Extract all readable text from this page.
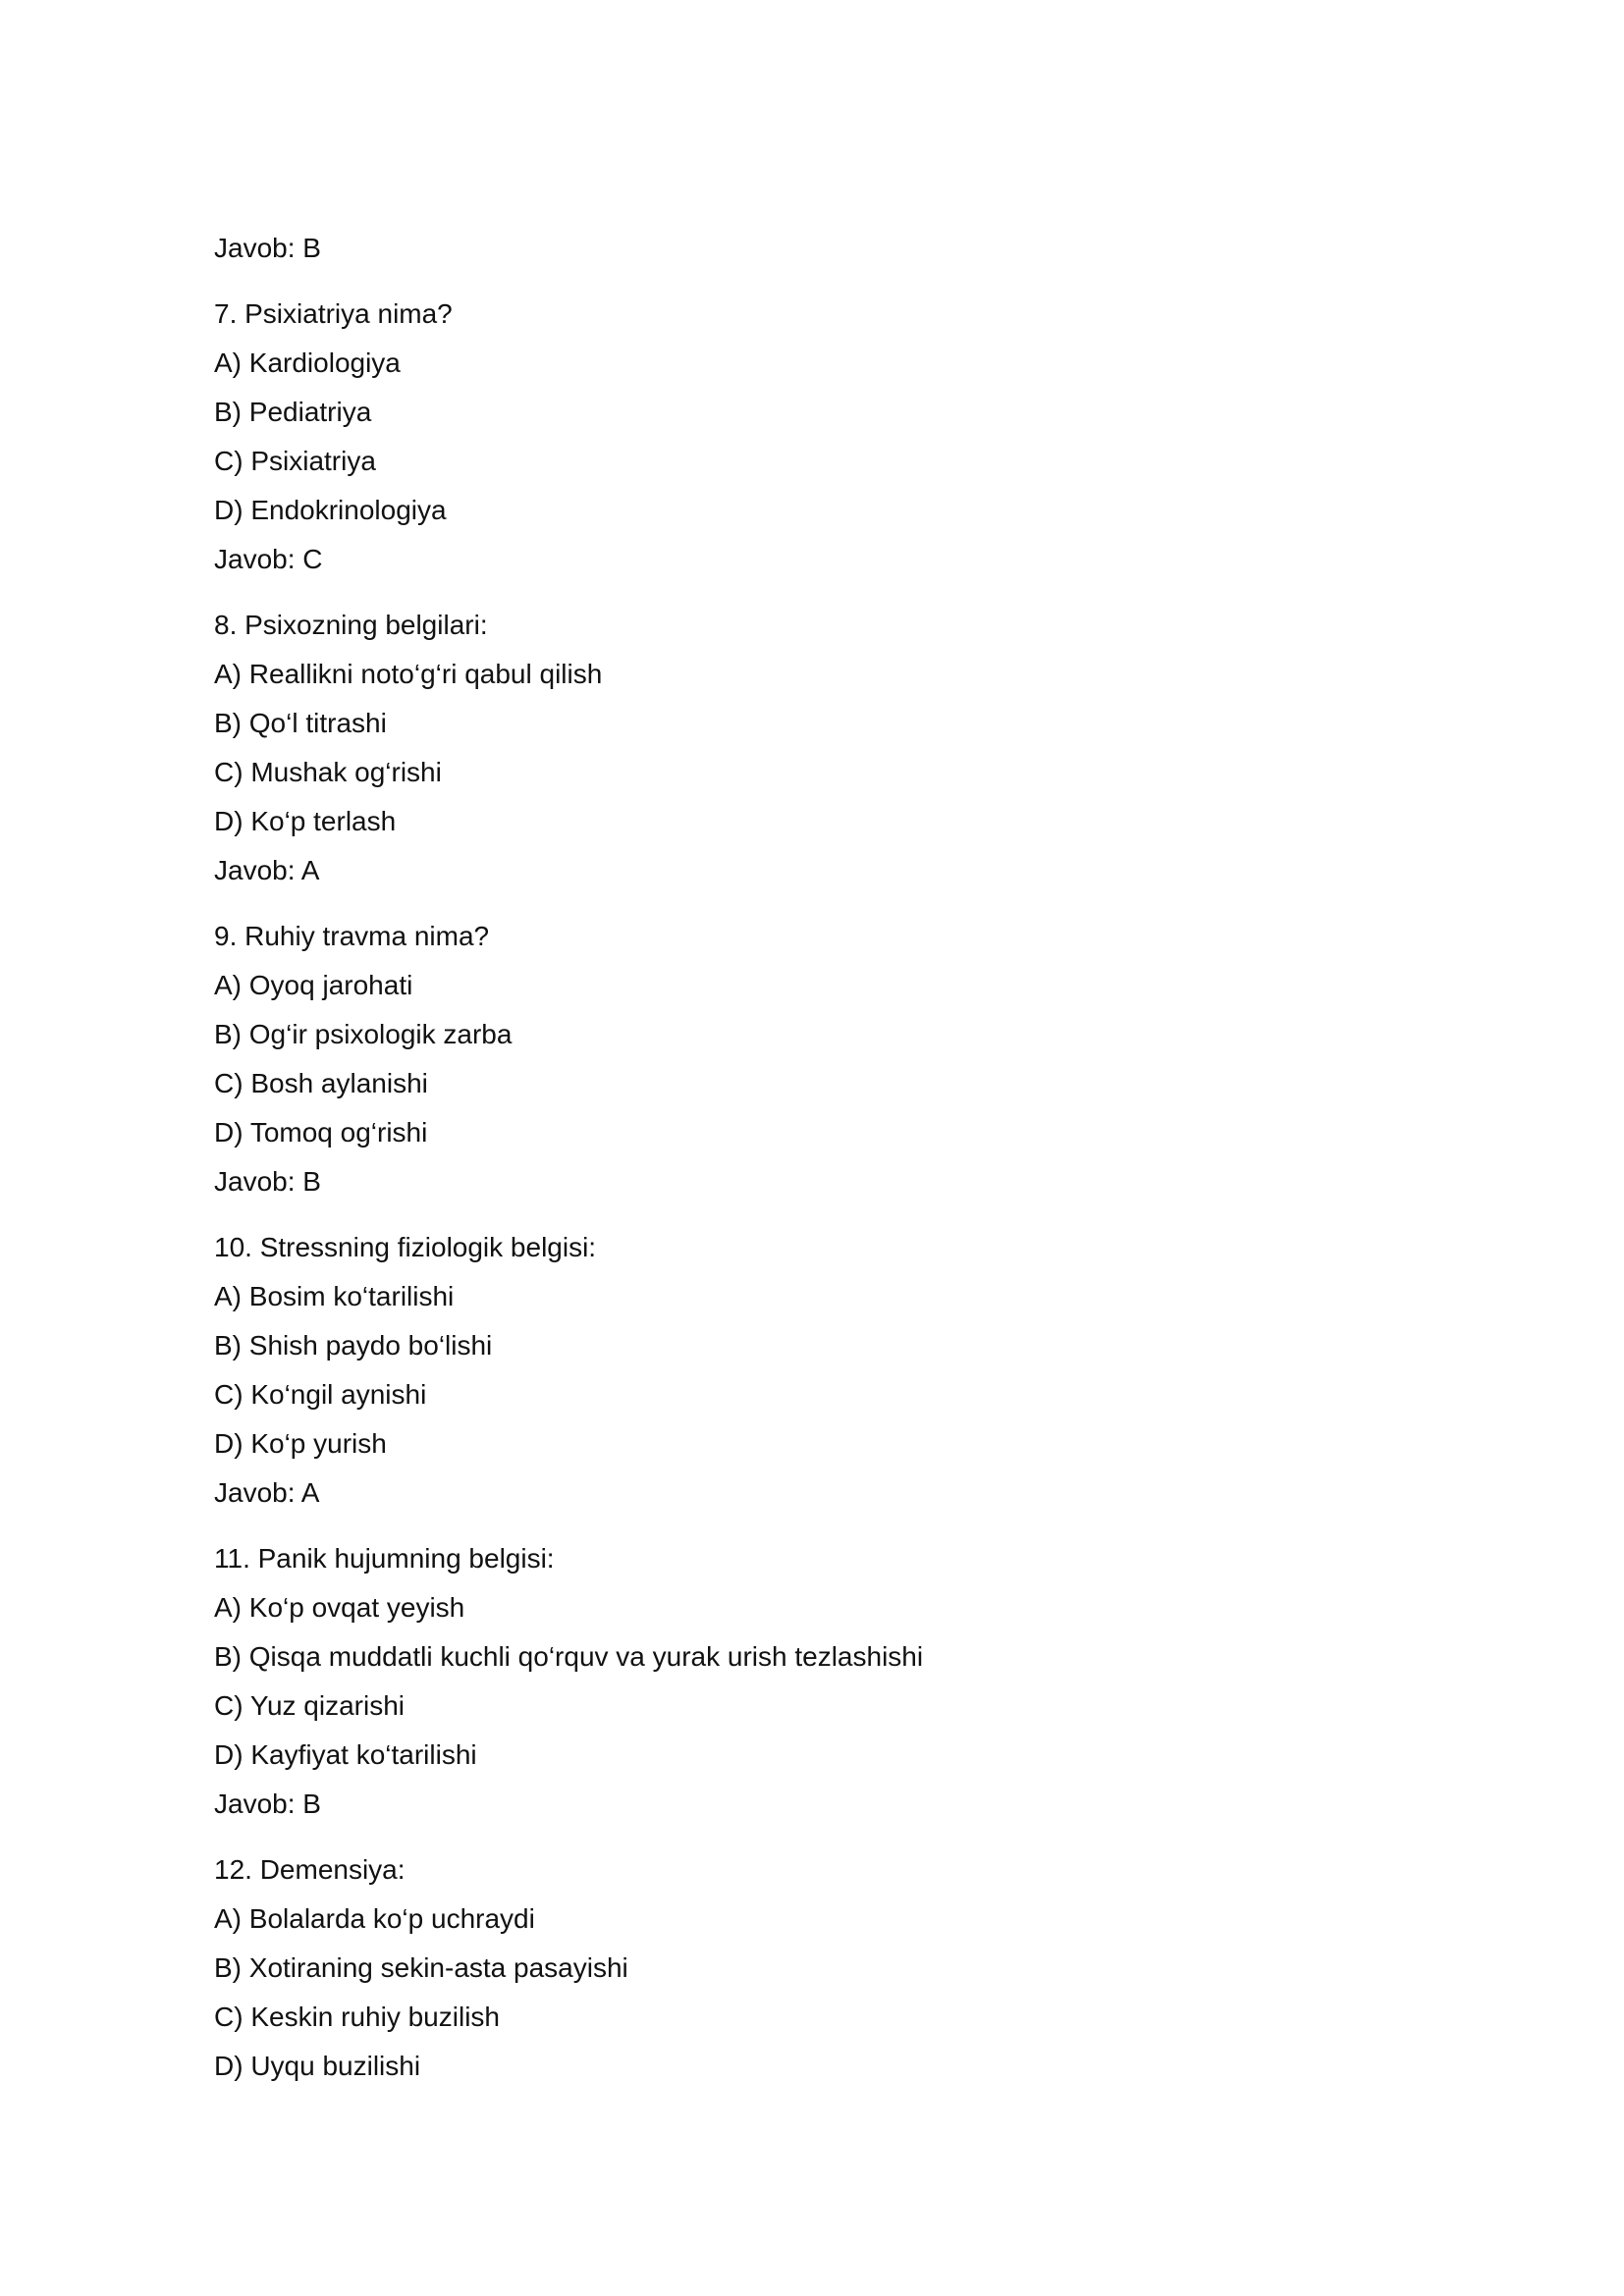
Javob: B
7. Psixiatriya nima?
A) Kardiologiya
B) Pediatriya
C) Psixiatriya
D) Endokrinologiya
Javob: C
8. Psixozning belgilari:
A) Reallikni noto‘g‘ri qabul qilish
B) Qo‘l titrashi
C) Mushak og‘rishi
D) Ko‘p terlash
Javob: A
9. Ruhiy travma nima?
A) Oyoq jarohati
B) Og‘ir psixologik zarba
C) Bosh aylanishi
D) Tomoq og‘rishi
Javob: B
10. Stressning fiziologik belgisi:
A) Bosim ko‘tarilishi
B) Shish paydo bo‘lishi
C) Ko‘ngil aynishi
D) Ko‘p yurish
Javob: A
11. Panik hujumning belgisi:
A) Ko‘p ovqat yeyish
B) Qisqa muddatli kuchli qo‘rquv va yurak urish tezlashishi
C) Yuz qizarishi
D) Kayfiyat ko‘tarilishi
Javob: B
12. Demensiya:
A) Bolalarda ko‘p uchraydi
B) Xotiraning sekin-asta pasayishi
C) Keskin ruhiy buzilish
D) Uyqu buzilishi
